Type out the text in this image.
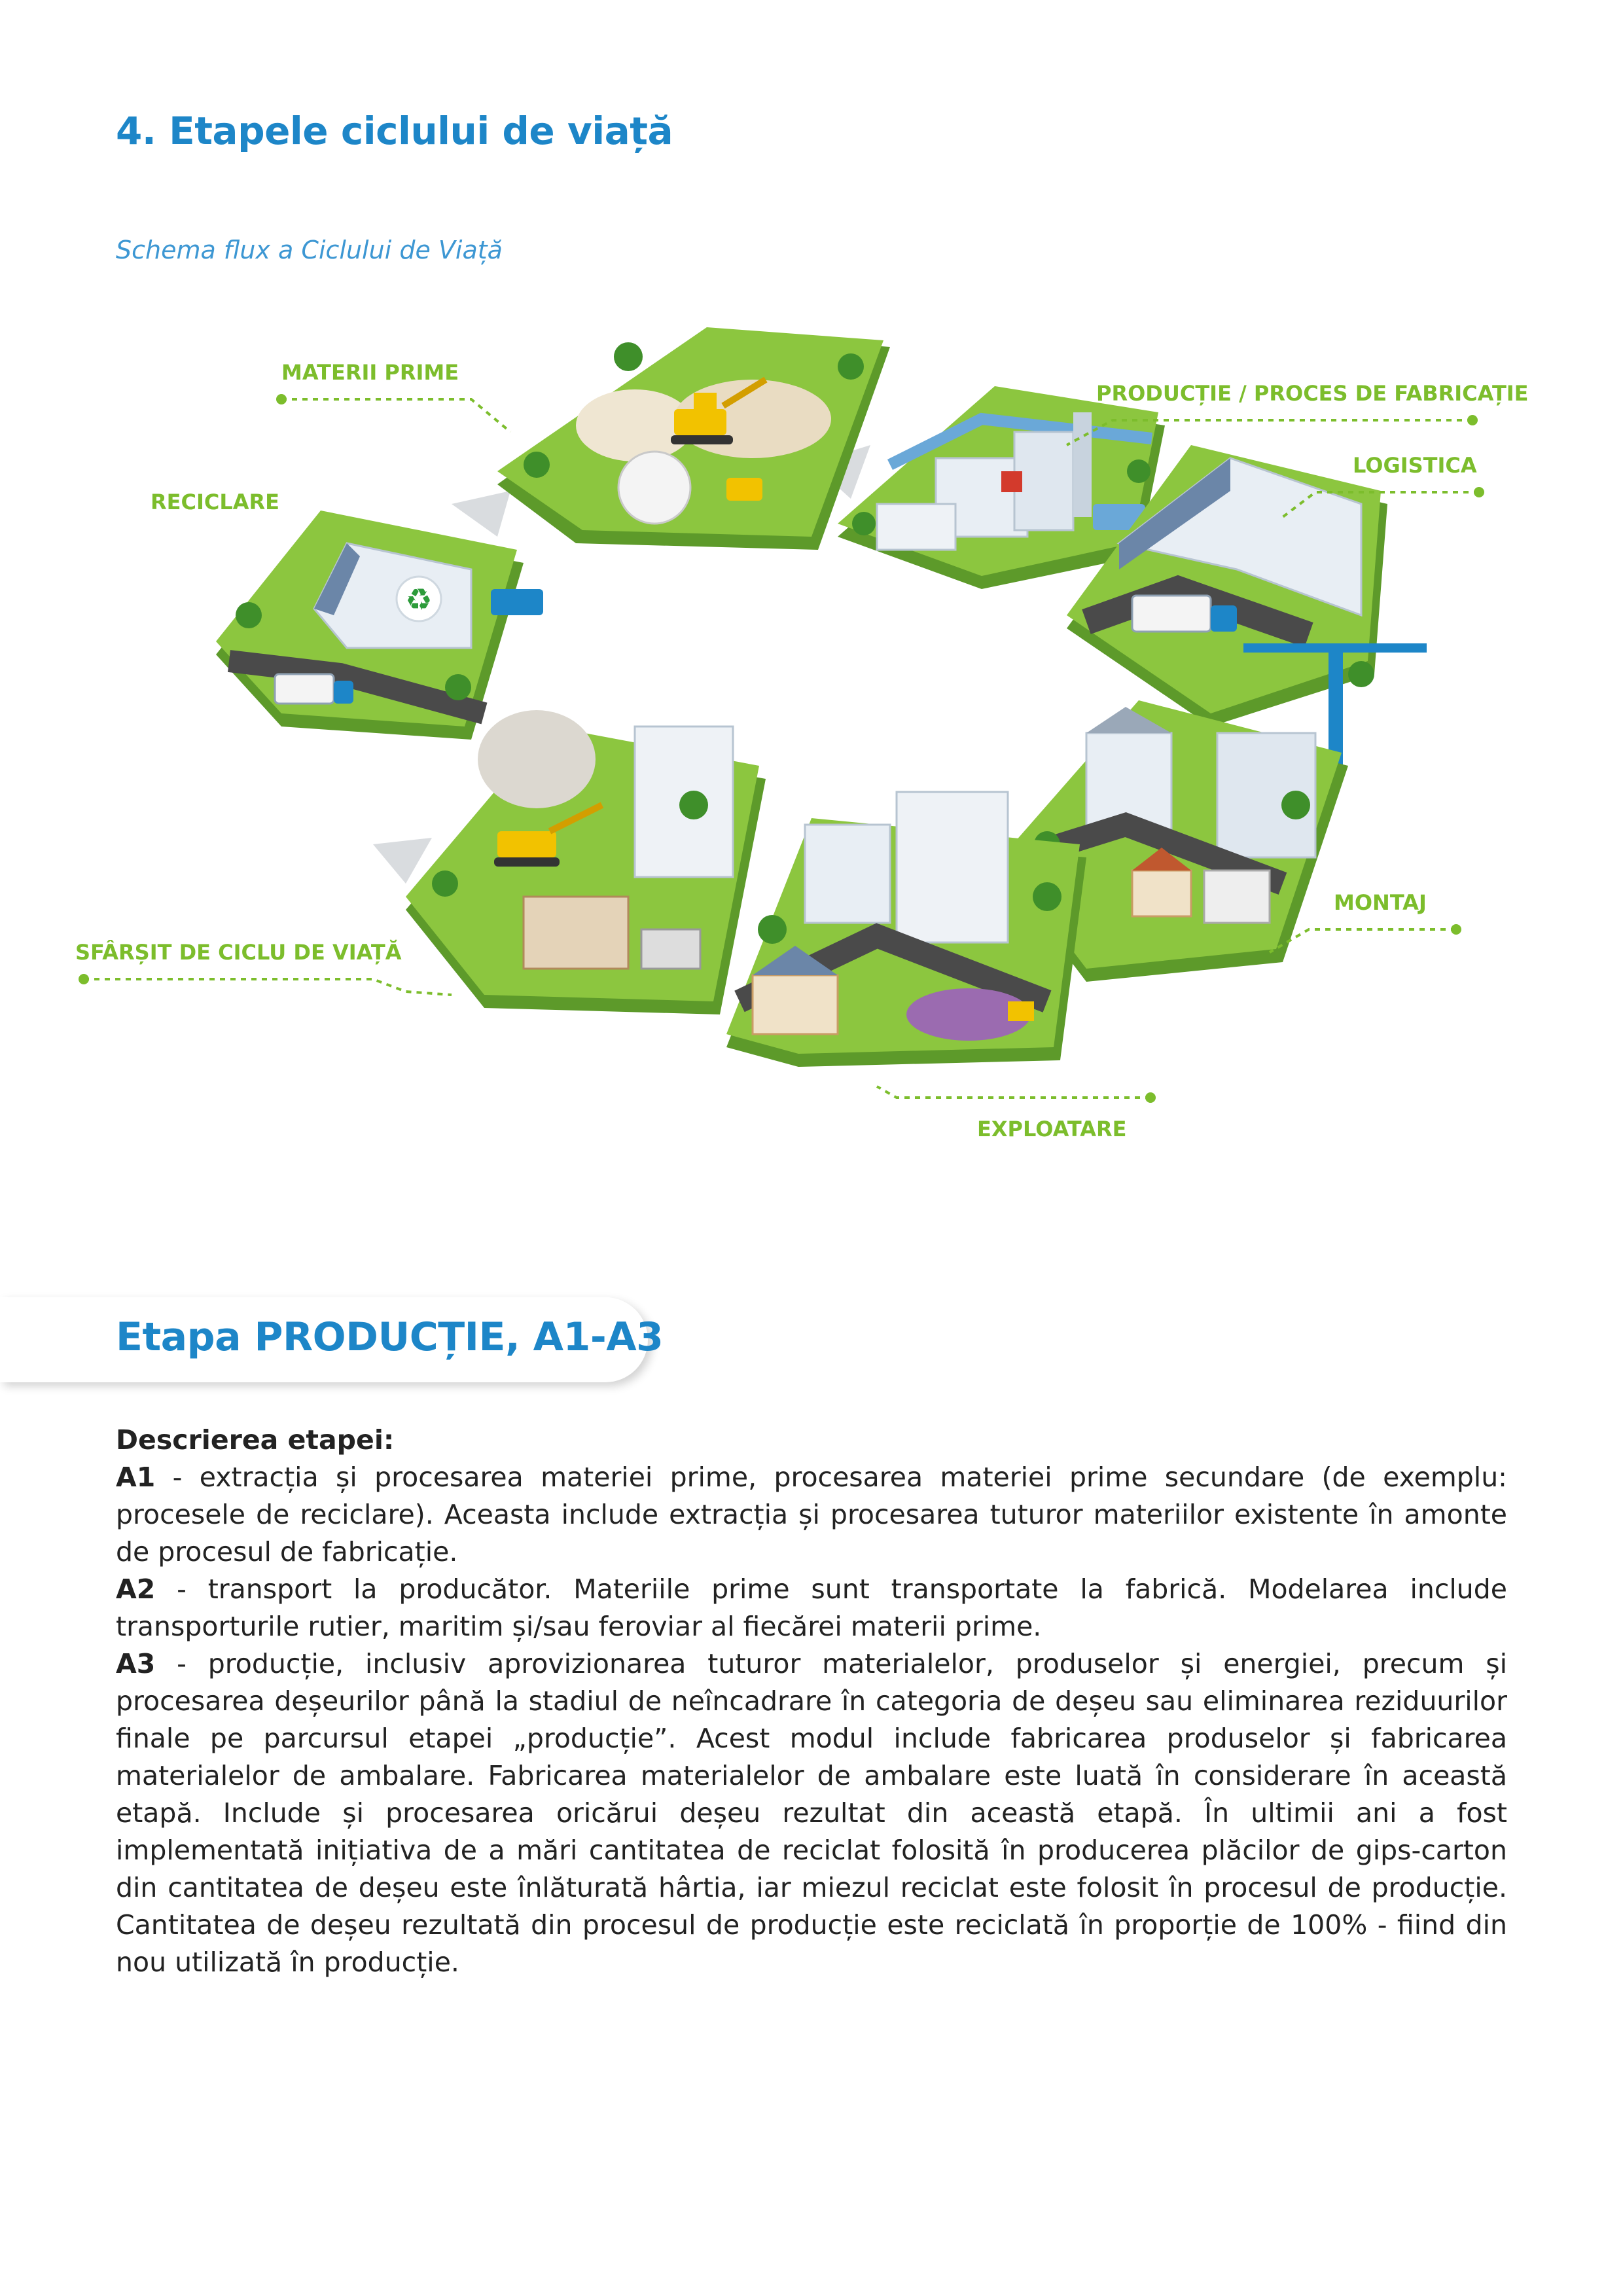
4. Etapele ciclului de viață

Schema flux a Ciclului de Viață

♻
MATERII PRIME
PRODUCȚIE / PROCES DE FABRICAȚIE
RECICLARE
LOGISTICA
SFÂRȘIT DE CICLU DE VIAȚĂ
MONTAJ
EXPLOATARE
Etapa PRODUCȚIE, A1-A3

Descrierea etapei:

A1 - extracția și procesarea materiei prime, procesarea materiei prime secundare (de exemplu: procesele de reciclare). Aceasta include extracția și procesarea tuturor materiilor existente în amonte de procesul de fabricație.

A2 - transport la producător. Materiile prime sunt transportate la fabrică. Modelarea include transporturile rutier, maritim și/sau feroviar al fiecărei materii prime.

A3 - producție, inclusiv aprovizionarea tuturor materialelor, produselor și energiei, precum și procesarea deșeurilor până la stadiul de neîncadrare în categoria de deșeu sau eliminarea reziduurilor finale pe parcursul etapei „producție”. Acest modul include fabricarea produselor și fabricarea materialelor de ambalare. Fabricarea materialelor de ambalare este luată în considerare în această etapă. Include și procesarea oricărui deșeu rezultat din această etapă. În ultimii ani a fost implementată inițiativa de a mări cantitatea de reciclat folosită în producerea plăcilor de gips-carton din cantitatea de deșeu este înlăturată hârtia, iar miezul reciclat este folosit în procesul de producție. Cantitatea de deșeu rezultată din procesul de producție este reciclată în proporție de 100% - fiind din nou utilizată în producție.
